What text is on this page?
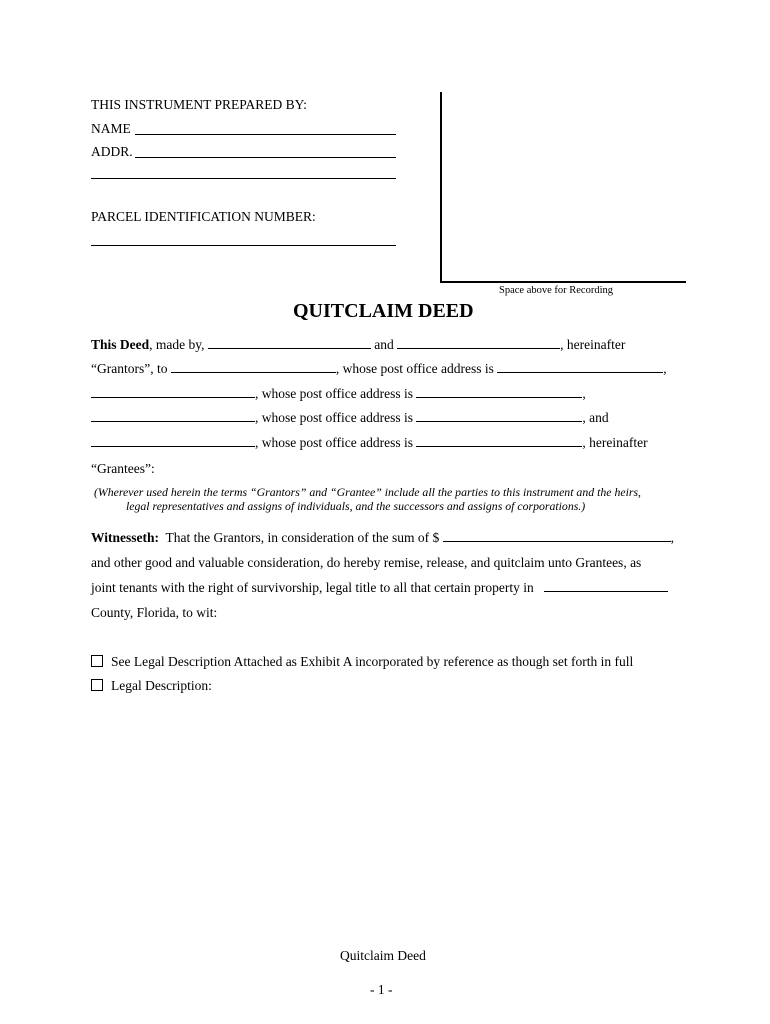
THIS INSTRUMENT PREPARED BY:
NAME
ADDR.
PARCEL IDENTIFICATION NUMBER:
Space above for Recording
QUITCLAIM DEED
This Deed, made by,	and	, hereinafter
“Grantors”, to	, whose post office address is	,
, whose post office address is	,
, whose post office address is	, and
, whose post office address is	, hereinafter
“Grantees”:
(Wherever used herein the terms “Grantors” and “Grantee” include all the parties to this instrument and the heirs,
legal representatives and assigns of individuals, and the successors and assigns of corporations.)
Witnesseth: That the Grantors, in consideration of the sum of $	,
and other good and valuable consideration, do hereby remise, release, and quitclaim unto Grantees, as
joint tenants with the right of survivorship, legal title to all that certain property in
County, Florida, to wit:
See Legal Description Attached as Exhibit A incorporated by reference as though set forth in full
Legal Description:
Quitclaim Deed
- 1 -
